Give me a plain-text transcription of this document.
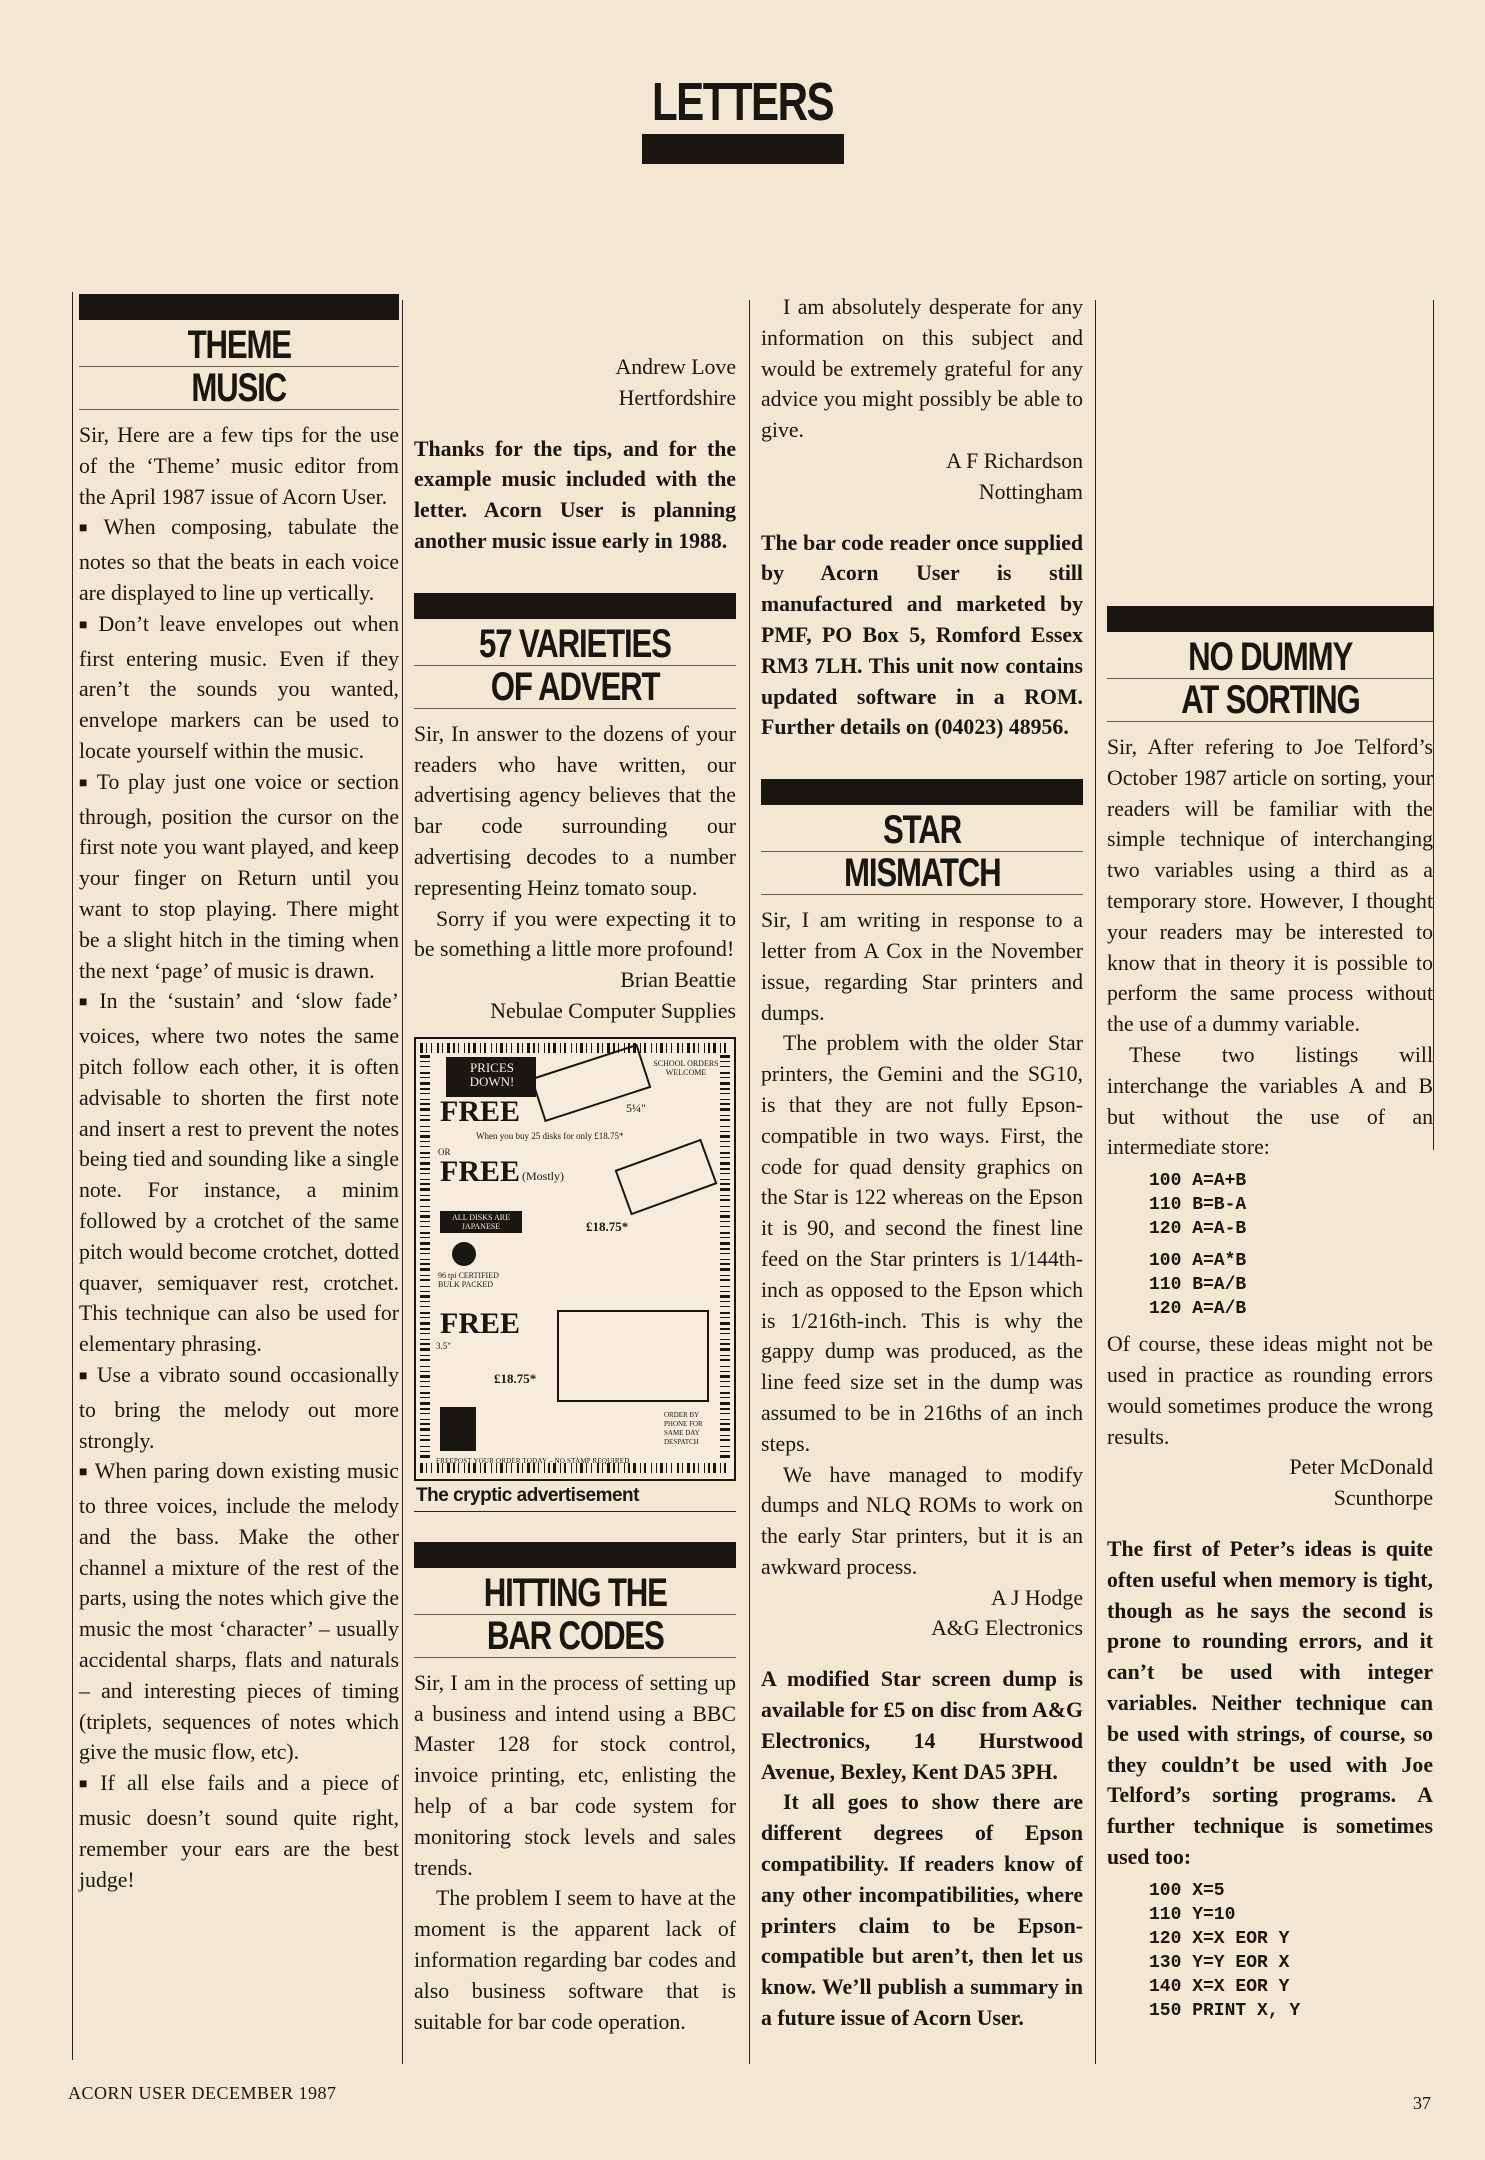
LETTERS
THEME
MUSIC

Sir, Here are a few tips for the use of the ‘Theme’ music editor from the April 1987 issue of Acorn User.

■ When composing, tabulate the notes so that the beats in each voice are displayed to line up vertically.

■ Don’t leave envelopes out when first entering music. Even if they aren’t the sounds you wanted, envelope markers can be used to locate yourself within the music.

■ To play just one voice or section through, position the cursor on the first note you want played, and keep your finger on Return until you want to stop playing. There might be a slight hitch in the timing when the next ‘page’ of music is drawn.

■ In the ‘sustain’ and ‘slow fade’ voices, where two notes the same pitch follow each other, it is often advisable to shorten the first note and insert a rest to prevent the notes being tied and sounding like a single note. For instance, a minim followed by a crotchet of the same pitch would become crotchet, dotted quaver, semiquaver rest, crotchet. This technique can also be used for elementary phrasing.

■ Use a vibrato sound occasionally to bring the melody out more strongly.

■ When paring down existing music to three voices, include the melody and the bass. Make the other channel a mixture of the rest of the parts, using the notes which give the music the most ‘character’ – usually accidental sharps, flats and naturals – and interesting pieces of timing (triplets, sequences of notes which give the music flow, etc).

■ If all else fails and a piece of music doesn’t sound quite right, remember your ears are the best judge!

Andrew Love

Hertfordshire

Thanks for the tips, and for the example music included with the letter. Acorn User is planning another music issue early in 1988.

57 VARIETIES
OF ADVERT

Sir, In answer to the dozens of your readers who have written, our advertising agency believes that the bar code surrounding our advertising decodes to a number representing Heinz tomato soup.

Sorry if you were expecting it to be something a little more profound!

Brian Beattie

Nebulae Computer Supplies

PRICES DOWN!
FREE	5¼"
SCHOOL ORDERS WELCOME
When you buy 25 disks for only £18.75*
OR
FREE (Mostly)
ALL DISKS ARE JAPANESE	£18.75*
96 tpi CERTIFIED BULK PACKED
FREE
3.5"
£18.75*
ORDER BY PHONE FOR SAME DAY DESPATCH
FREEPOST YOUR ORDER TODAY – NO STAMP REQUIRED
The cryptic advertisement
HITTING THE
BAR CODES

Sir, I am in the process of setting up a business and intend using a BBC Master 128 for stock control, invoice printing, etc, enlisting the help of a bar code system for monitoring stock levels and sales trends.

The problem I seem to have at the moment is the apparent lack of information regarding bar codes and also business software that is suitable for bar code operation.

I am absolutely desperate for any information on this subject and would be extremely grateful for any advice you might possibly be able to give.

A F Richardson

Nottingham

The bar code reader once supplied by Acorn User is still manufactured and marketed by PMF, PO Box 5, Romford Essex RM3 7LH. This unit now contains updated software in a ROM. Further details on (04023) 48956.

STAR
MISMATCH

Sir, I am writing in response to a letter from A Cox in the November issue, regarding Star printers and dumps.

The problem with the older Star printers, the Gemini and the SG10, is that they are not fully Epson-compatible in two ways. First, the code for quad density graphics on the Star is 122 whereas on the Epson it is 90, and second the finest line feed on the Star printers is 1/144th-inch as opposed to the Epson which is 1/216th-inch. This is why the gappy dump was produced, as the line feed size set in the dump was assumed to be in 216ths of an inch steps.

We have managed to modify dumps and NLQ ROMs to work on the early Star printers, but it is an awkward process.

A J Hodge

A&G Electronics

A modified Star screen dump is available for £5 on disc from A&G Electronics, 14 Hurstwood Avenue, Bexley, Kent DA5 3PH.

It all goes to show there are different degrees of Epson compatibility. If readers know of any other incompatibilities, where printers claim to be Epson-compatible but aren’t, then let us know. We’ll publish a summary in a future issue of Acorn User.

NO DUMMY
AT SORTING

Sir, After refering to Joe Telford’s October 1987 article on sorting, your readers will be familiar with the simple technique of interchanging two variables using a third as a temporary store. However, I thought your readers may be interested to know that in theory it is possible to perform the same process without the use of a dummy variable.

These two listings will interchange the variables A and B but without the use of an intermediate store:

100 A=A+B
110 B=B-A
120 A=A-B
100 A=A*B
110 B=A/B
120 A=A/B

Of course, these ideas might not be used in practice as rounding errors would sometimes produce the wrong results.

Peter McDonald

Scunthorpe

The first of Peter’s ideas is quite often useful when memory is tight, though as he says the second is prone to rounding errors, and it can’t be used with integer variables. Neither technique can be used with strings, of course, so they couldn’t be used with Joe Telford’s sorting programs. A further technique is sometimes used too:

100 X=5
110 Y=10
120 X=X EOR Y
130 Y=Y EOR X
140 X=X EOR Y
150 PRINT X, Y
ACORN USER DECEMBER 1987	37
